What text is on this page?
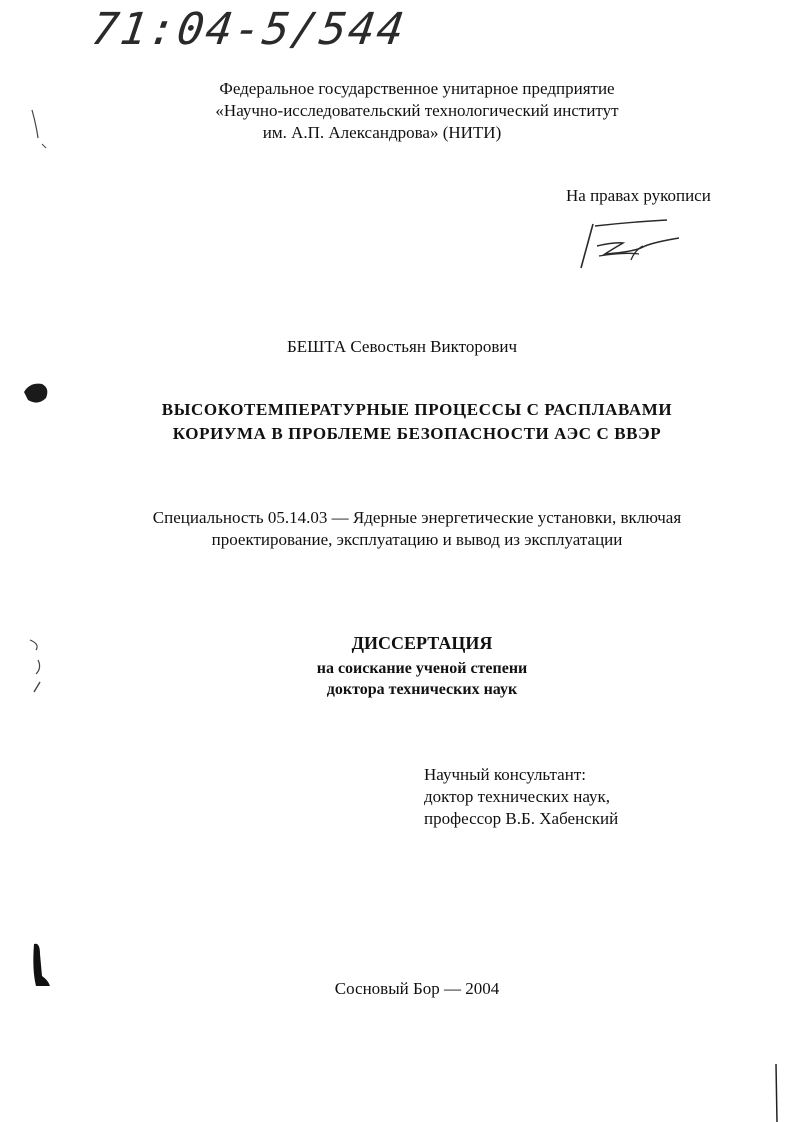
71:04-5/544
Федеральное государственное унитарное предприятие
«Научно-исследовательский технологический институт
им. А.П. Александрова» (НИТИ)
На правах рукописи
БЕШТА Севостьян Викторович
ВЫСОКОТЕМПЕРАТУРНЫЕ ПРОЦЕССЫ С РАСПЛАВАМИ
КОРИУМА В ПРОБЛЕМЕ БЕЗОПАСНОСТИ АЭС С ВВЭР
Специальность 05.14.03 — Ядерные энергетические установки, включая
проектирование, эксплуатацию и вывод из эксплуатации
ДИССЕРТАЦИЯ
на соискание ученой степени
доктора технических наук
Научный консультант:
доктор технических наук,
профессор В.Б. Хабенский
Сосновый Бор — 2004
